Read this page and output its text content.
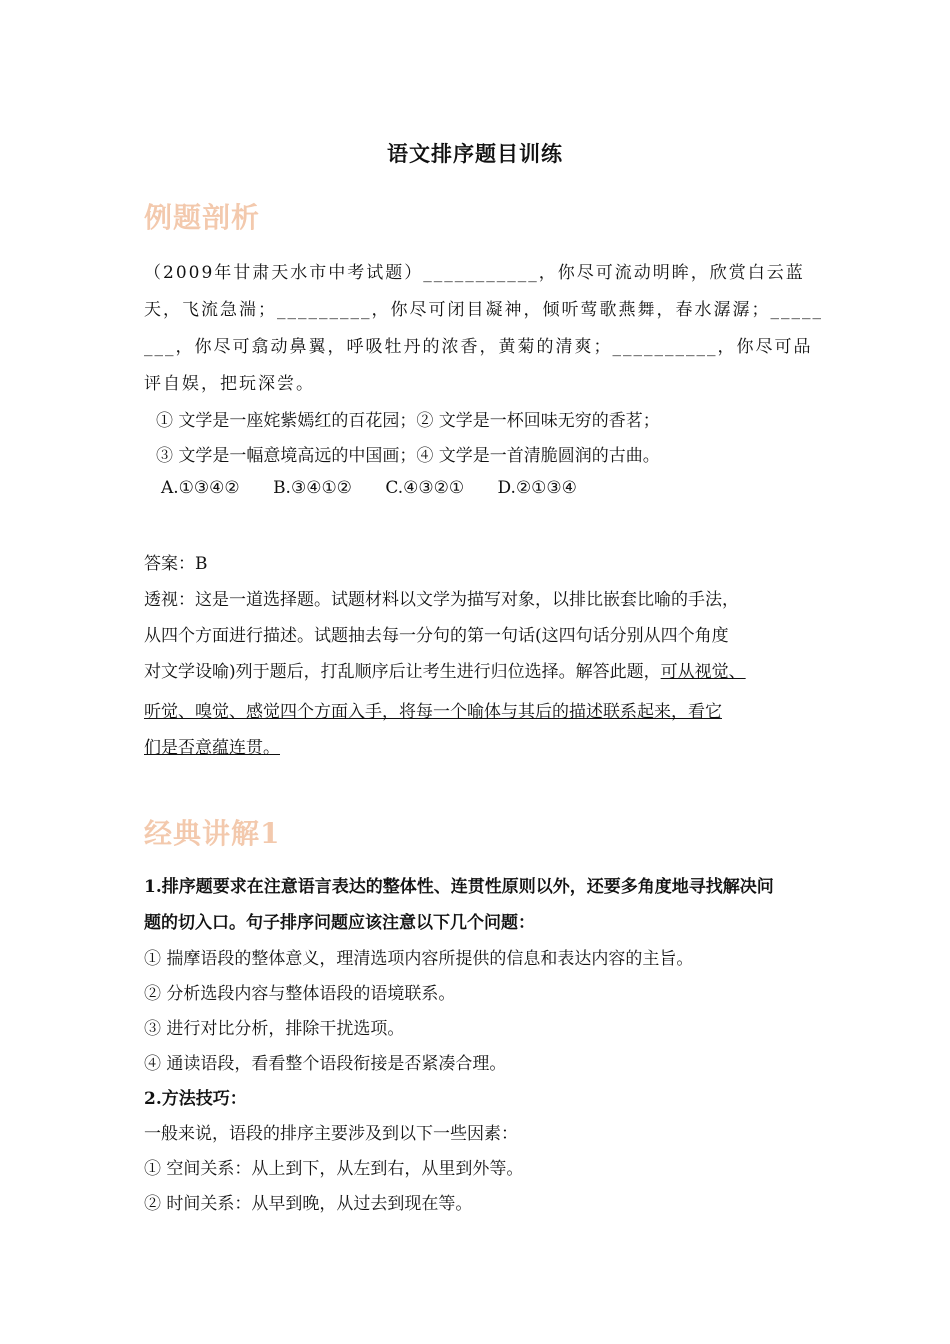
语文排序题目训练
例题剖析
（2009年甘肃天水市中考试题）___________，你尽可流动明眸，欣赏白云蓝
天，飞流急湍；_________，你尽可闭目凝神，倾听莺歌燕舞，春水潺潺；_____
___，你尽可翕动鼻翼，呼吸牡丹的浓香，黄菊的清爽；__________，你尽可品
评自娱，把玩深尝。
① 文学是一座姹紫嫣红的百花园；② 文学是一杯回味无穷的香茗；
③ 文学是一幅意境高远的中国画；④ 文学是一首清脆圆润的古曲。
A.①③④② B.③④①② C.④③②① D.②①③④
答案：B
透视：这是一道选择题。试题材料以文学为描写对象，以排比嵌套比喻的手法，
从四个方面进行描述。试题抽去每一分句的第一句话(这四句话分别从四个角度
对文学设喻)列于题后，打乱顺序后让考生进行归位选择。解答此题，可从视觉、
听觉、嗅觉、感觉四个方面入手，将每一个喻体与其后的描述联系起来，看它
们是否意蕴连贯。
经典讲解1
1.排序题要求在注意语言表达的整体性、连贯性原则以外，还要多角度地寻找解决问
题的切入口。句子排序问题应该注意以下几个问题：
① 揣摩语段的整体意义，理清选项内容所提供的信息和表达内容的主旨。
② 分析选段内容与整体语段的语境联系。
③ 进行对比分析，排除干扰选项。
④ 通读语段，看看整个语段衔接是否紧凑合理。
2.方法技巧：
一般来说，语段的排序主要涉及到以下一些因素：
① 空间关系：从上到下，从左到右，从里到外等。
② 时间关系：从早到晚，从过去到现在等。
